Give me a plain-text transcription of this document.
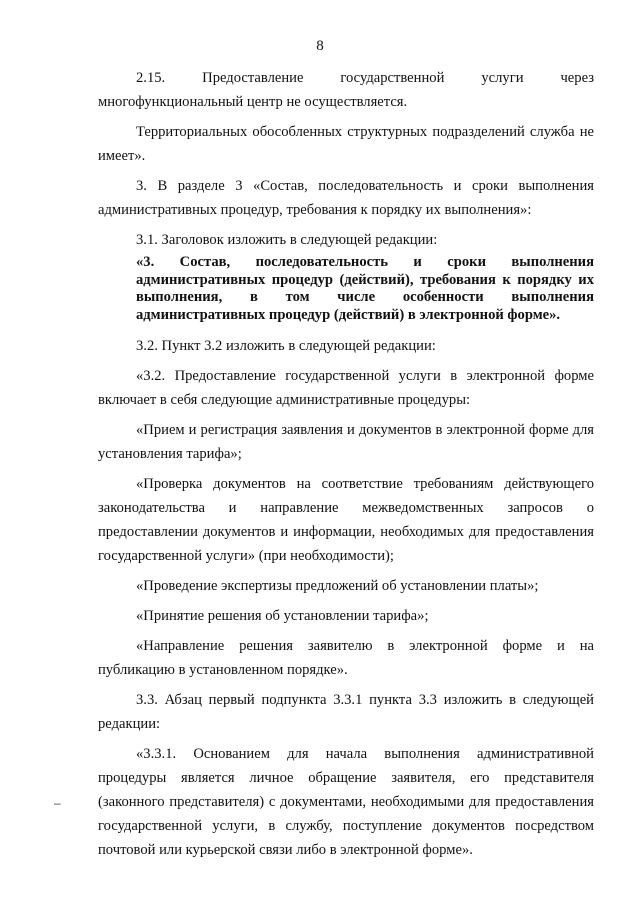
8

2.15. Предоставление государственной услуги через многофункциональный центр не осуществляется.

Территориальных обособленных структурных подразделений служба не имеет».

3. В разделе 3 «Состав, последовательность и сроки выполнения административных процедур, требования к порядку их выполнения»:

3.1. Заголовок изложить в следующей редакции:

«3. Состав, последовательность и сроки выполнения административных процедур (действий), требования к порядку их выполнения, в том числе особенности выполнения административных процедур (действий) в электронной форме».

3.2. Пункт 3.2 изложить в следующей редакции:

«3.2. Предоставление государственной услуги в электронной форме включает в себя следующие административные процедуры:

«Прием и регистрация заявления и документов в электронной форме для установления тарифа»;

«Проверка документов на соответствие требованиям действующего законодательства и направление межведомственных запросов о предоставлении документов и информации, необходимых для предоставления государственной услуги» (при необходимости);

«Проведение экспертизы предложений об установлении платы»;

«Принятие решения об установлении тарифа»;

«Направление решения заявителю в электронной форме и на публикацию в установленном порядке».

3.3. Абзац первый подпункта 3.3.1 пункта 3.3 изложить в следующей редакции:

«3.3.1. Основанием для начала выполнения административной процедуры является личное обращение заявителя, его представителя (законного представителя) с документами, необходимыми для предоставления государственной услуги, в службу, поступление документов посредством почтовой или курьерской связи либо в электронной форме».

–
